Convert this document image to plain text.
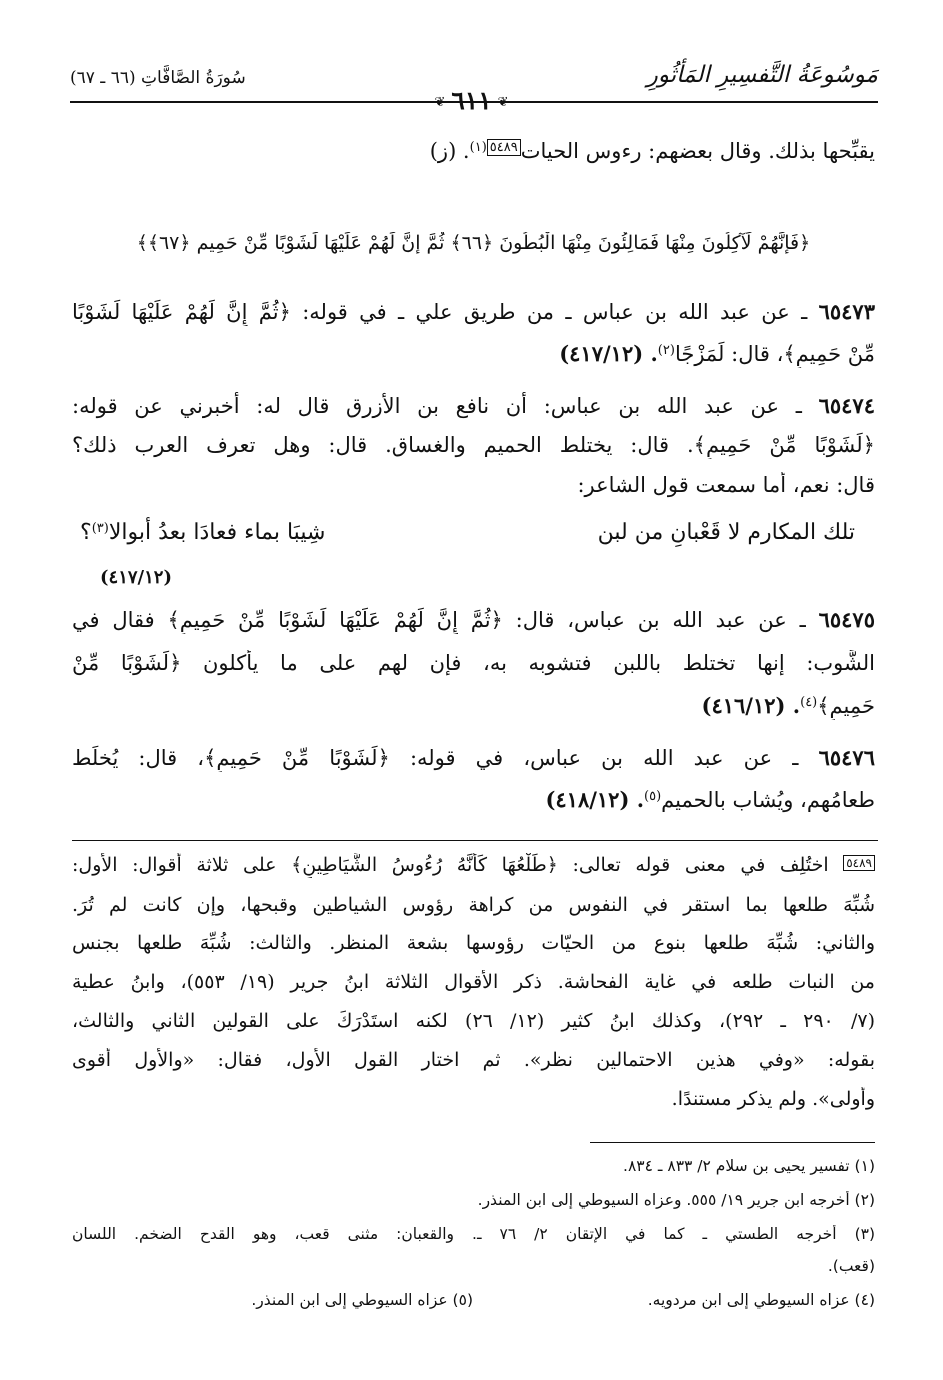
مَوسُوعَةُ التَّفسِيرِ المَأثُورِ
سُورَةُ الصَّافَّاتِ (٦٦ ـ ٦٧)
❦٦١١❦
يقبِّحها بذلك. وقال بعضهم: رءوس الحيات$^{٥٤٨٩(١)}$. (ز)
﴿فَإِنَّهُمْ لَآكِلُونَ مِنْهَا فَمَالِئُونَ مِنْهَا الْبُطُونَ ﴿٦٦﴾ ثُمَّ إِنَّ لَهُمْ عَلَيْهَا لَشَوْبًا مِّنْ حَمِيمٍ ﴿٦٧﴾﴾
٦٥٤٧٣ ـ عن عبد الله بن عباس ـ من طريق علي ـ في قوله: ﴿ثُمَّ إِنَّ لَهُمْ عَلَيْهَا لَشَوْبًا
مِّنْ حَمِيمٍ﴾، قال: لَمَزْجًا$^{(٢)}$. (٤١٧/١٢)
٦٥٤٧٤ ـ عن عبد الله بن عباس: أن نافع بن الأزرق قال له: أخبرني عن قوله:
﴿لَشَوْبًا مِّنْ حَمِيمٍ﴾. قال: يختلط الحميم والغساق. قال: وهل تعرف العرب ذلك؟
قال: نعم، أما سمعت قول الشاعر:
تلك المكارم لا قَعْبانِ من لبن
شِيبَا بماء فعادَا بعدُ أبوالا$^{(٣)}$؟
(٤١٧/١٢)
٦٥٤٧٥ ـ عن عبد الله بن عباس، قال: ﴿ثُمَّ إِنَّ لَهُمْ عَلَيْهَا لَشَوْبًا مِّنْ حَمِيمٍ﴾ فقال في
الشَّوب: إنها تختلط باللبن فتشوبه به، فإن لهم على ما يأكلون ﴿لَشَوْبًا مِّنْ
حَمِيمٍ﴾$^{(٤)}$. (٤١٦/١٢)
٦٥٤٧٦ ـ عن عبد الله بن عباس، في قوله: ﴿لَشَوْبًا مِّنْ حَمِيمٍ﴾، قال: يُخلَط
طعامُهم، ويُشاب بالحميم$^{(٥)}$. (٤١٨/١٢)
$^{٥٤٨٩}$ اختُلِف في معنى قوله تعالى: ﴿طَلْعُهَا كَأَنَّهُ رُءُوسُ الشَّيَاطِينِ﴾ على ثلاثة أقوال: الأول:
شُبِّهَ طلعها بما استقر في النفوس من كراهة رؤوس الشياطين وقبحها، وإن كانت لم تُرَ.
والثاني: شُبِّهَ طلعها بنوع من الحيّات رؤوسها بشعة المنظر. والثالث: شُبِّهَ طلعها بجنس
من النبات طلعه في غاية الفحاشة. ذكر الأقوال الثلاثة ابنُ جرير (١٩/ ٥٥٣)، وابنُ عطية
(٧/ ٢٩٠ ـ ٢٩٢)، وكذلك ابنُ كثير (١٢/ ٢٦) لكنه استَدْرَكَ على القولين الثاني والثالث،
بقوله: «وفي هذين الاحتمالين نظر». ثم اختار القول الأول، فقال: «والأول أقوى
وأولى». ولم يذكر مستندًا.
(١) تفسير يحيى بن سلام ٢/ ٨٣٣ ـ ٨٣٤.
(٢) أخرجه ابن جرير ١٩/ ٥٥٥. وعزاه السيوطي إلى ابن المنذر.
(٣) أخرجه الطستي ـ كما في الإتقان ٢/ ٧٦ ـ. والقعبان: مثنى قعب، وهو القدح الضخم. اللسان
(قعب).
(٤) عزاه السيوطي إلى ابن مردويه.
(٥) عزاه السيوطي إلى ابن المنذر.
